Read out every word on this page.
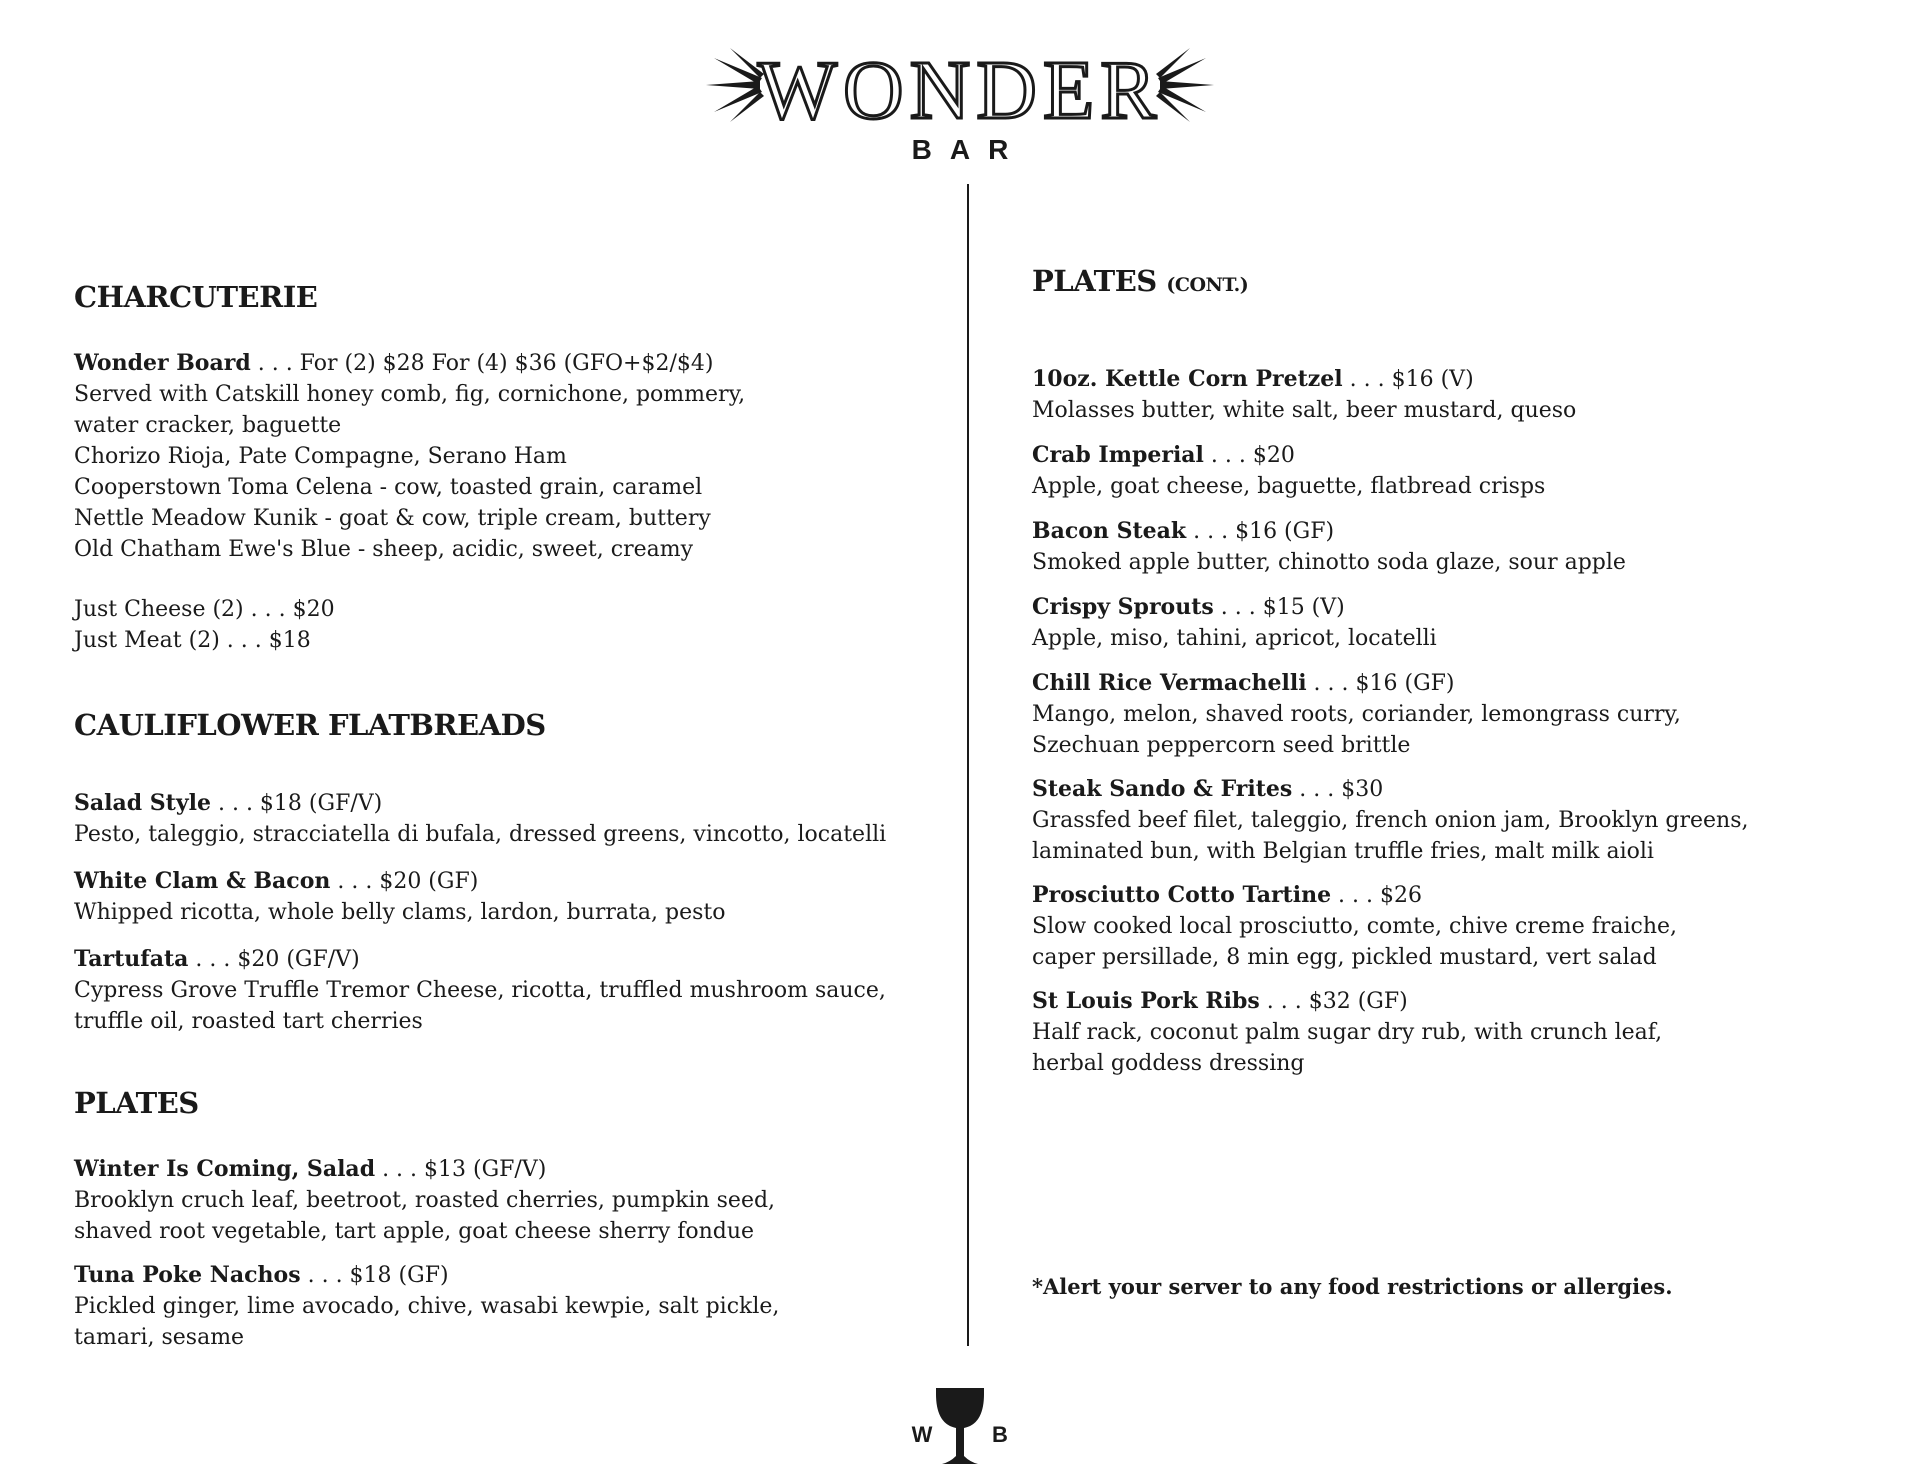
WONDER
BAR
CHARCUTERIE
Wonder Board . . . For (2) $28 For (4) $36 (GFO+$2/$4)
Served with Catskill honey comb, fig, cornichone, pommery,
water cracker, baguette
Chorizo Rioja, Pate Compagne, Serano Ham
Cooperstown Toma Celena - cow, toasted grain, caramel
Nettle Meadow Kunik - goat & cow, triple cream, buttery
Old Chatham Ewe's Blue - sheep, acidic, sweet, creamy
Just Cheese (2) . . . $20
Just Meat (2) . . . $18
CAULIFLOWER FLATBREADS
Salad Style . . . $18 (GF/V)
Pesto, taleggio, stracciatella di bufala, dressed greens, vincotto, locatelli
White Clam & Bacon . . . $20 (GF)
Whipped ricotta, whole belly clams, lardon, burrata, pesto
Tartufata . . . $20 (GF/V)
Cypress Grove Truffle Tremor Cheese, ricotta, truffled mushroom sauce,
truffle oil, roasted tart cherries
PLATES
Winter Is Coming, Salad . . . $13 (GF/V)
Brooklyn cruch leaf, beetroot, roasted cherries, pumpkin seed,
shaved root vegetable, tart apple, goat cheese sherry fondue
Tuna Poke Nachos . . . $18 (GF)
Pickled ginger, lime avocado, chive, wasabi kewpie, salt pickle,
tamari, sesame
PLATES (CONT.)
10oz. Kettle Corn Pretzel . . . $16 (V)
Molasses butter, white salt, beer mustard, queso
Crab Imperial . . . $20
Apple, goat cheese, baguette, flatbread crisps
Bacon Steak . . . $16 (GF)
Smoked apple butter, chinotto soda glaze, sour apple
Crispy Sprouts . . . $15 (V)
Apple, miso, tahini, apricot, locatelli
Chill Rice Vermachelli . . . $16 (GF)
Mango, melon, shaved roots, coriander, lemongrass curry,
Szechuan peppercorn seed brittle
Steak Sando & Frites . . . $30
Grassfed beef filet, taleggio, french onion jam, Brooklyn greens,
laminated bun, with Belgian truffle fries, malt milk aioli
Prosciutto Cotto Tartine . . . $26
Slow cooked local prosciutto, comte, chive creme fraiche,
caper persillade, 8 min egg, pickled mustard, vert salad
St Louis Pork Ribs . . . $32 (GF)
Half rack, coconut palm sugar dry rub, with crunch leaf,
herbal goddess dressing
*Alert your server to any food restrictions or allergies.
W	B
